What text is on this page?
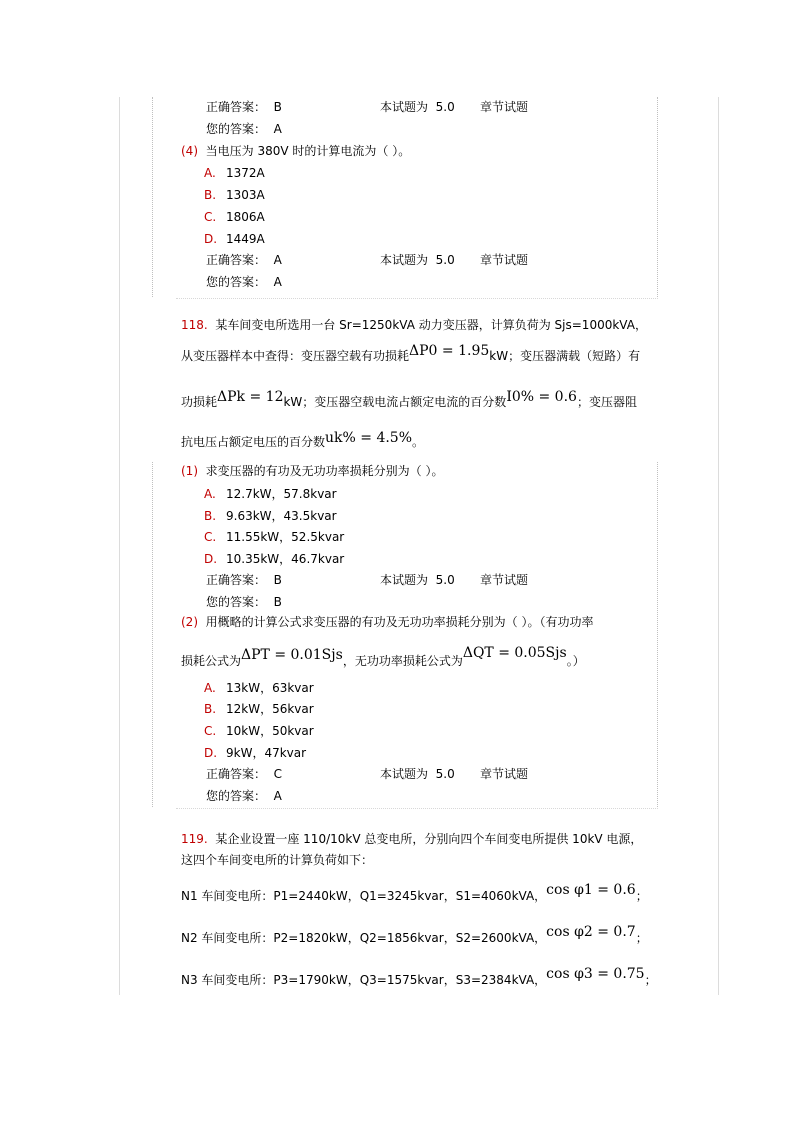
正确答案： B	本试题为 5.0 章节试题
您的答案： A
(4) 当电压为 380V 时的计算电流为（ ）。
A. 1372A
B. 1303A
C. 1806A
D. 1449A
正确答案： A	本试题为 5.0 章节试题
您的答案： A
118. 某车间变电所选用一台 Sr=1250kVA 动力变压器，计算负荷为 Sjs=1000kVA，
从变压器样本中查得：变压器空载有功损耗ΔP0 = 1.95kW；变压器满载（短路）有
功损耗ΔPk = 12kW；变压器空载电流占额定电流的百分数I0% = 0.6；变压器阻
抗电压占额定电压的百分数uk% = 4.5%。
(1) 求变压器的有功及无功功率损耗分别为（ ）。
A. 12.7kW，57.8kvar
B. 9.63kW，43.5kvar
C. 11.55kW，52.5kvar
D. 10.35kW，46.7kvar
正确答案： B	本试题为 5.0 章节试题
您的答案： B
(2) 用概略的计算公式求变压器的有功及无功功率损耗分别为（ ）。（有功功率
损耗公式为ΔPT = 0.01Sjs，无功功率损耗公式为ΔQT = 0.05Sjs。）
A. 13kW，63kvar
B. 12kW，56kvar
C. 10kW，50kvar
D. 9kW，47kvar
正确答案： C	本试题为 5.0 章节试题
您的答案： A
119. 某企业设置一座 110/10kV 总变电所，分别向四个车间变电所提供 10kV 电源，
这四个车间变电所的计算负荷如下：
N1 车间变电所：P1=2440kW，Q1=3245kvar，S1=4060kVA，cos φ1 = 0.6；
N2 车间变电所：P2=1820kW，Q2=1856kvar，S2=2600kVA，cos φ2 = 0.7；
N3 车间变电所：P3=1790kW，Q3=1575kvar，S3=2384kVA，cos φ3 = 0.75；
